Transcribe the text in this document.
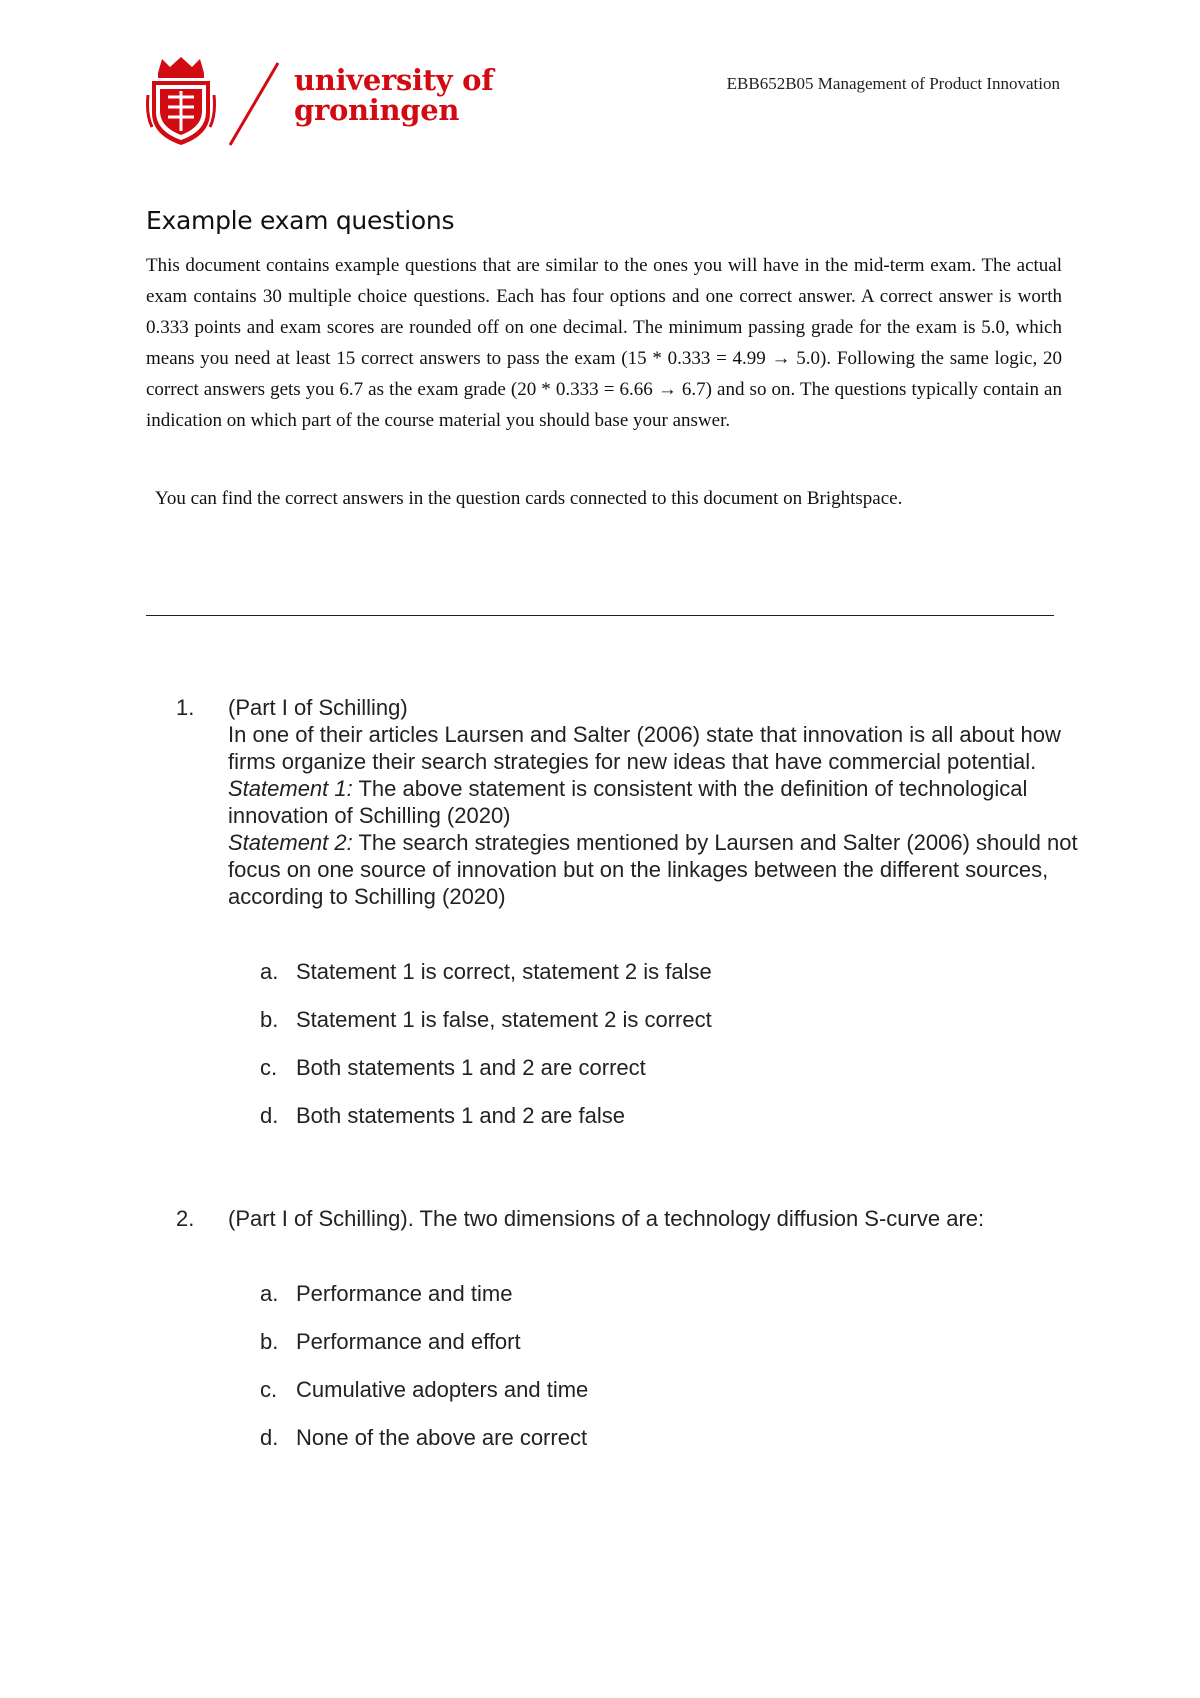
university of
groningen
EBB652B05 Management of Product Innovation
Example exam questions

This document contains example questions that are similar to the ones you will have in the mid-term exam. The actual exam contains 30 multiple choice questions. Each has four options and one correct answer. A correct answer is worth 0.333 points and exam scores are rounded off on one decimal. The minimum passing grade for the exam is 5.0, which means you need at least 15 correct answers to pass the exam (15 * 0.333 = 4.99 → 5.0). Following the same logic, 20 correct answers gets you 6.7 as the exam grade (20 * 0.333 = 6.66 → 6.7) and so on. The questions typically contain an indication on which part of the course material you should base your answer.

You can find the correct answers in the question cards connected to this document on Brightspace.

1. (Part I of Schilling)

In one of their articles Laursen and Salter (2006) state that innovation is all about how firms organize their search strategies for new ideas that have commercial potential.

Statement 1: The above statement is consistent with the definition of technological innovation of Schilling (2020)

Statement 2: The search strategies mentioned by Laursen and Salter (2006) should not focus on one source of innovation but on the linkages between the different sources, according to Schilling (2020)

a. Statement 1 is correct, statement 2 is false
b. Statement 1 is false, statement 2 is correct
c. Both statements 1 and 2 are correct
d. Both statements 1 and 2 are false
2. (Part I of Schilling). The two dimensions of a technology diffusion S-curve are:

a. Performance and time
b. Performance and effort
c. Cumulative adopters and time
d. None of the above are correct
